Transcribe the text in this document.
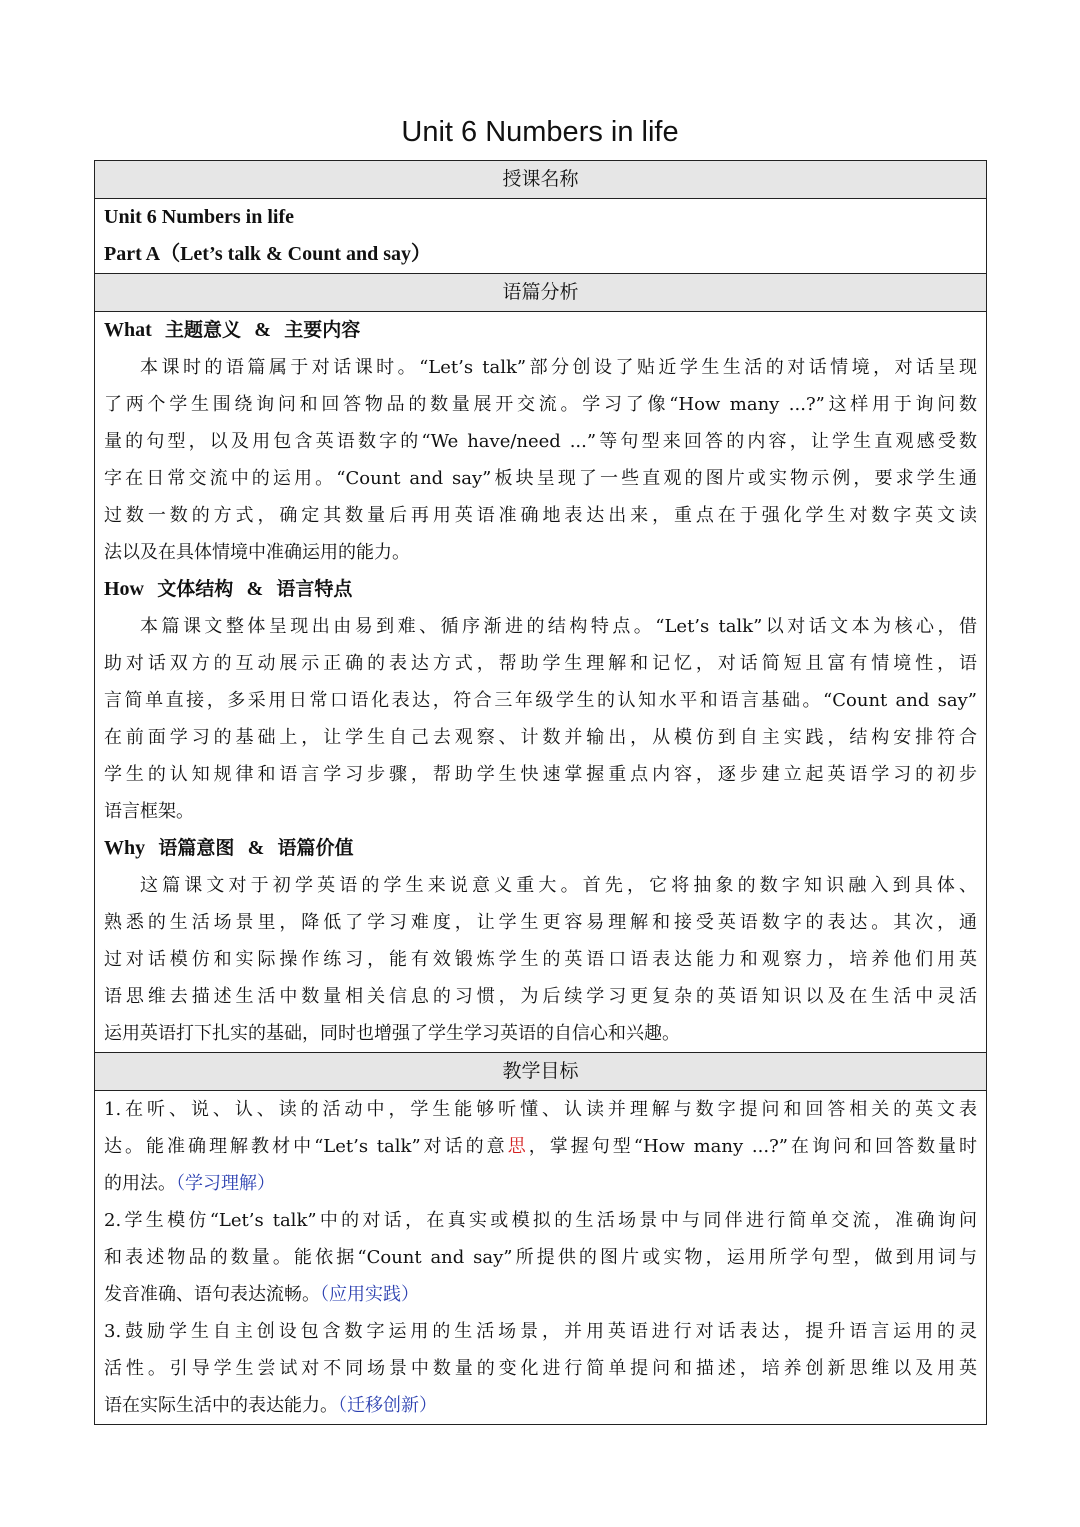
Unit 6 Numbers in life
授课名称
Unit 6 Numbers in life
Part A（Let’s talk & Count and say）
语篇分析
What 主题意义 & 主要内容
本课时的语篇属于对话课时。“Let’s talk”部分创设了贴近学生生活的对话情境，对话呈现
了两个学生围绕询问和回答物品的数量展开交流。学习了像“How many ...?”这样用于询问数
量的句型，以及用包含英语数字的“We have/need ...”等句型来回答的内容，让学生直观感受数
字在日常交流中的运用。“Count and say”板块呈现了一些直观的图片或实物示例，要求学生通
过数一数的方式，确定其数量后再用英语准确地表达出来，重点在于强化学生对数字英文读
法以及在具体情境中准确运用的能力。
How 文体结构 & 语言特点
本篇课文整体呈现出由易到难、循序渐进的结构特点。“Let’s talk”以对话文本为核心，借
助对话双方的互动展示正确的表达方式，帮助学生理解和记忆，对话简短且富有情境性，语
言简单直接，多采用日常口语化表达，符合三年级学生的认知水平和语言基础。“Count and say”
在前面学习的基础上，让学生自己去观察、计数并输出，从模仿到自主实践，结构安排符合
学生的认知规律和语言学习步骤，帮助学生快速掌握重点内容，逐步建立起英语学习的初步
语言框架。
Why 语篇意图 & 语篇价值
这篇课文对于初学英语的学生来说意义重大。首先，它将抽象的数字知识融入到具体、
熟悉的生活场景里，降低了学习难度，让学生更容易理解和接受英语数字的表达。其次，通
过对话模仿和实际操作练习，能有效锻炼学生的英语口语表达能力和观察力，培养他们用英
语思维去描述生活中数量相关信息的习惯，为后续学习更复杂的英语知识以及在生活中灵活
运用英语打下扎实的基础，同时也增强了学生学习英语的自信心和兴趣。
教学目标
1.在听、说、认、读的活动中，学生能够听懂、认读并理解与数字提问和回答相关的英文表
达。能准确理解教材中“Let’s talk”对话的意思，掌握句型“How many ...?”在询问和回答数量时
的用法。（学习理解）
2.学生模仿“Let’s talk”中的对话，在真实或模拟的生活场景中与同伴进行简单交流，准确询问
和表述物品的数量。能依据“Count and say”所提供的图片或实物，运用所学句型，做到用词与
发音准确、语句表达流畅。（应用实践）
3.鼓励学生自主创设包含数字运用的生活场景，并用英语进行对话表达，提升语言运用的灵
活性。引导学生尝试对不同场景中数量的变化进行简单提问和描述，培养创新思维以及用英
语在实际生活中的表达能力。（迁移创新）
